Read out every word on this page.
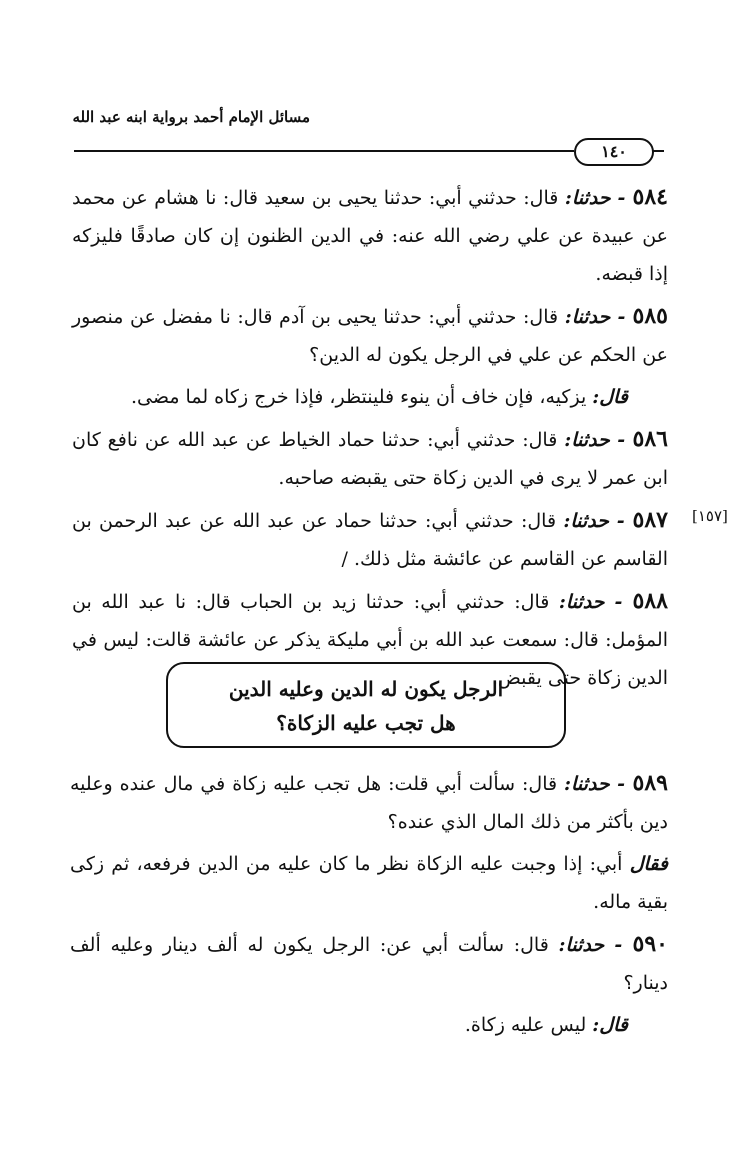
مسائل الإمام أحمد برواية ابنه عبد الله
١٤٠

٥٨٤ - حدثنا: قال: حدثني أبي: حدثنا يحيى بن سعيد قال: نا هشام عن محمد عن عبيدة عن علي رضي الله عنه: في الدين الظنون إن كان صادقًا فليزكه إذا قبضه.

٥٨٥ - حدثنا: قال: حدثني أبي: حدثنا يحيى بن آدم قال: نا مفضل عن منصور عن الحكم عن علي في الرجل يكون له الدين؟

قال: يزكيه، فإن خاف أن ينوء فلينتظر، فإذا خرج زكاه لما مضى.

٥٨٦ - حدثنا: قال: حدثني أبي: حدثنا حماد الخياط عن عبد الله عن نافع كان ابن عمر لا يرى في الدين زكاة حتى يقبضه صاحبه.

٥٨٧ - حدثنا: قال: حدثني أبي: حدثنا حماد عن عبد الله عن عبد الرحمن بن القاسم عن القاسم عن عائشة مثل ذلك. /

٥٨٨ - حدثنا: قال: حدثني أبي: حدثنا زيد بن الحباب قال: نا عبد الله بن المؤمل: قال: سمعت عبد الله بن أبي مليكة يذكر عن عائشة قالت: ليس في الدين زكاة حتى يقبض.

[١٥٧]
الرجل يكون له الدين وعليه الدين
هل تجب عليه الزكاة؟

٥٨٩ - حدثنا: قال: سألت أبي قلت: هل تجب عليه زكاة في مال عنده وعليه دين بأكثر من ذلك المال الذي عنده؟

فقال أبي: إذا وجبت عليه الزكاة نظر ما كان عليه من الدين فرفعه، ثم زكى بقية ماله.

٥٩٠ - حدثنا: قال: سألت أبي عن: الرجل يكون له ألف دينار وعليه ألف دينار؟

قال: ليس عليه زكاة.
